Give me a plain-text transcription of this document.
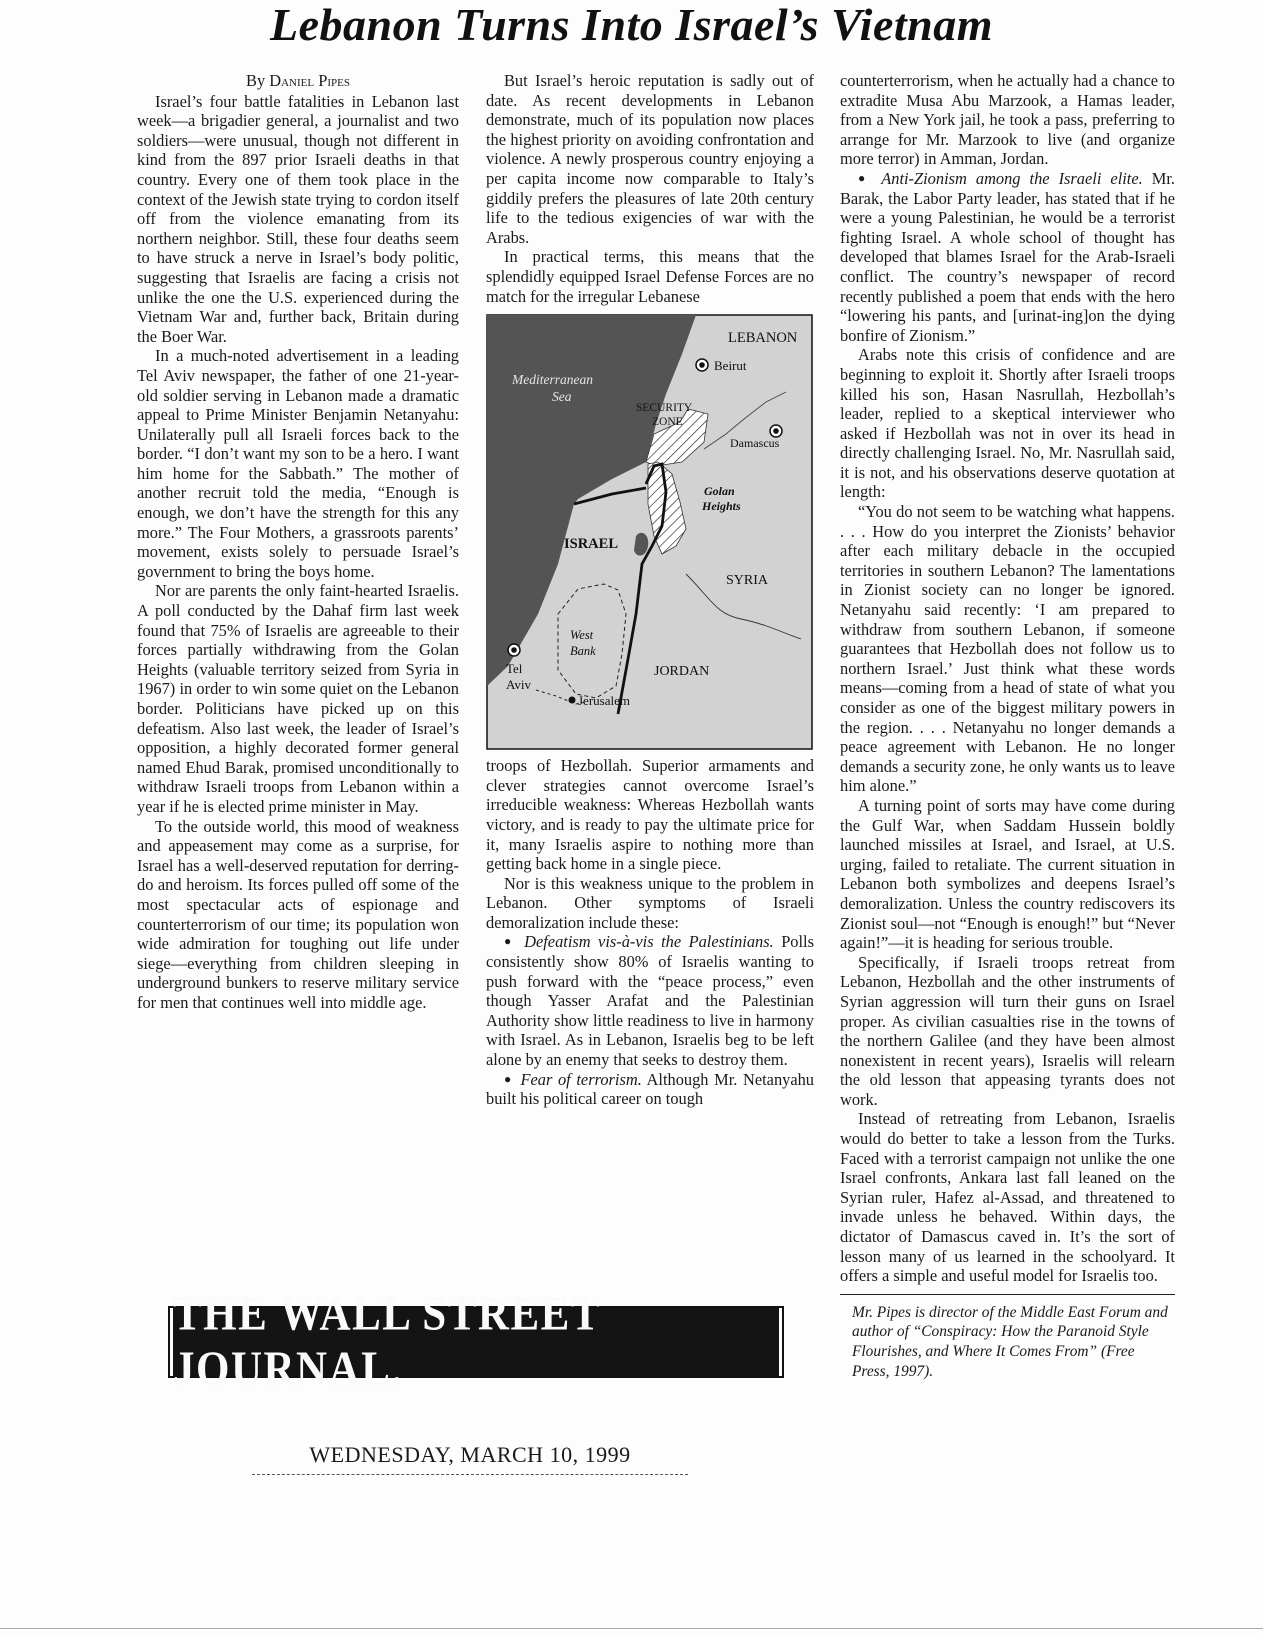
Lebanon Turns Into Israel’s Vietnam

By Daniel Pipes

Israel’s four battle fatalities in Lebanon last week—a brigadier general, a journalist and two soldiers—were unusual, though not different in kind from the 897 prior Israeli deaths in that country. Every one of them took place in the context of the Jewish state trying to cordon itself off from the violence emanating from its northern neighbor. Still, these four deaths seem to have struck a nerve in Israel’s body politic, suggesting that Israelis are facing a crisis not unlike the one the U.S. experienced during the Vietnam War and, further back, Britain during the Boer War.

In a much-noted advertisement in a leading Tel Aviv newspaper, the father of one 21-year-old soldier serving in Lebanon made a dramatic appeal to Prime Minister Benjamin Netanyahu: Unilaterally pull all Israeli forces back to the border. “I don’t want my son to be a hero. I want him home for the Sabbath.” The mother of another recruit told the media, “Enough is enough, we don’t have the strength for this any more.” The Four Mothers, a grassroots parents’ movement, exists solely to persuade Israel’s government to bring the boys home.

Nor are parents the only faint-hearted Israelis. A poll conducted by the Dahaf firm last week found that 75% of Israelis are agreeable to their forces partially withdrawing from the Golan Heights (valuable territory seized from Syria in 1967) in order to win some quiet on the Lebanon border. Politicians have picked up on this defeatism. Also last week, the leader of Israel’s opposition, a highly decorated former general named Ehud Barak, promised unconditionally to withdraw Israeli troops from Lebanon within a year if he is elected prime minister in May.

To the outside world, this mood of weakness and appeasement may come as a surprise, for Israel has a well-deserved reputation for derring-do and heroism. Its forces pulled off some of the most spectacular acts of espionage and counterterrorism of our time; its population won wide admiration for toughing out life under siege—everything from children sleeping in underground bunkers to reserve military service for men that continues well into middle age.

But Israel’s heroic reputation is sadly out of date. As recent developments in Lebanon demonstrate, much of its population now places the highest priority on avoiding confrontation and violence. A newly prosperous country enjoying a per capita income now comparable to Italy’s giddily prefers the pleasures of late 20th century life to the tedious exigencies of war with the Arabs.

In practical terms, this means that the splendidly equipped Israel Defense Forces are no match for the irregular Lebanese

LEBANON
Beirut
Mediterranean
Sea
SECURITY
ZONE
Damascus
Golan
Heights
ISRAEL
SYRIA
West
Bank
Tel
Aviv
JORDAN
Jerusalem

troops of Hezbollah. Superior armaments and clever strategies cannot overcome Israel’s irreducible weakness: Whereas Hezbollah wants victory, and is ready to pay the ultimate price for it, many Israelis aspire to nothing more than getting back home in a single piece.

Nor is this weakness unique to the problem in Lebanon. Other symptoms of Israeli demoralization include these:

● Defeatism vis-à-vis the Palestinians. Polls consistently show 80% of Israelis wanting to push forward with the “peace process,” even though Yasser Arafat and the Palestinian Authority show little readiness to live in harmony with Israel. As in Lebanon, Israelis beg to be left alone by an enemy that seeks to destroy them.

● Fear of terrorism. Although Mr. Netanyahu built his political career on tough

counterterrorism, when he actually had a chance to extradite Musa Abu Marzook, a Hamas leader, from a New York jail, he took a pass, preferring to arrange for Mr. Marzook to live (and organize more terror) in Amman, Jordan.

● Anti-Zionism among the Israeli elite. Mr. Barak, the Labor Party leader, has stated that if he were a young Palestinian, he would be a terrorist fighting Israel. A whole school of thought has developed that blames Israel for the Arab-Israeli conflict. The country’s newspaper of record recently published a poem that ends with the hero “lowering his pants, and [urinat-ing]on the dying bonfire of Zionism.”

Arabs note this crisis of confidence and are beginning to exploit it. Shortly after Israeli troops killed his son, Hasan Nasrullah, Hezbollah’s leader, replied to a skeptical interviewer who asked if Hezbollah was not in over its head in directly challenging Israel. No, Mr. Nasrullah said, it is not, and his observations deserve quotation at length:

“You do not seem to be watching what happens. . . . How do you interpret the Zionists’ behavior after each military debacle in the occupied territories in southern Lebanon? The lamentations in Zionist society can no longer be ignored. Netanyahu said recently: ‘I am prepared to withdraw from southern Lebanon, if someone guarantees that Hezbollah does not follow us to northern Israel.’ Just think what these words means—coming from a head of state of what you consider as one of the biggest military powers in the region. . . . Netanyahu no longer demands a peace agreement with Lebanon. He no longer demands a security zone, he only wants us to leave him alone.”

A turning point of sorts may have come during the Gulf War, when Saddam Hussein boldly launched missiles at Israel, and Israel, at U.S. urging, failed to retaliate. The current situation in Lebanon both symbolizes and deepens Israel’s demoralization. Unless the country rediscovers its Zionist soul—not “Enough is enough!” but “Never again!”—it is heading for serious trouble.

Specifically, if Israeli troops retreat from Lebanon, Hezbollah and the other instruments of Syrian aggression will turn their guns on Israel proper. As civilian casualties rise in the towns of the northern Galilee (and they have been almost nonexistent in recent years), Israelis will relearn the old lesson that appeasing tyrants does not work.

Instead of retreating from Lebanon, Israelis would do better to take a lesson from the Turks. Faced with a terrorist campaign not unlike the one Israel confronts, Ankara last fall leaned on the Syrian ruler, Hafez al-Assad, and threatened to invade unless he behaved. Within days, the dictator of Damascus caved in. It’s the sort of lesson many of us learned in the schoolyard. It offers a simple and useful model for Israelis too.

Mr. Pipes is director of the Middle East Forum and author of “Conspiracy: How the Paranoid Style Flourishes, and Where It Comes From” (Free Press, 1997).

THE WALL STREET JOURNAL.
WEDNESDAY, MARCH 10, 1999
